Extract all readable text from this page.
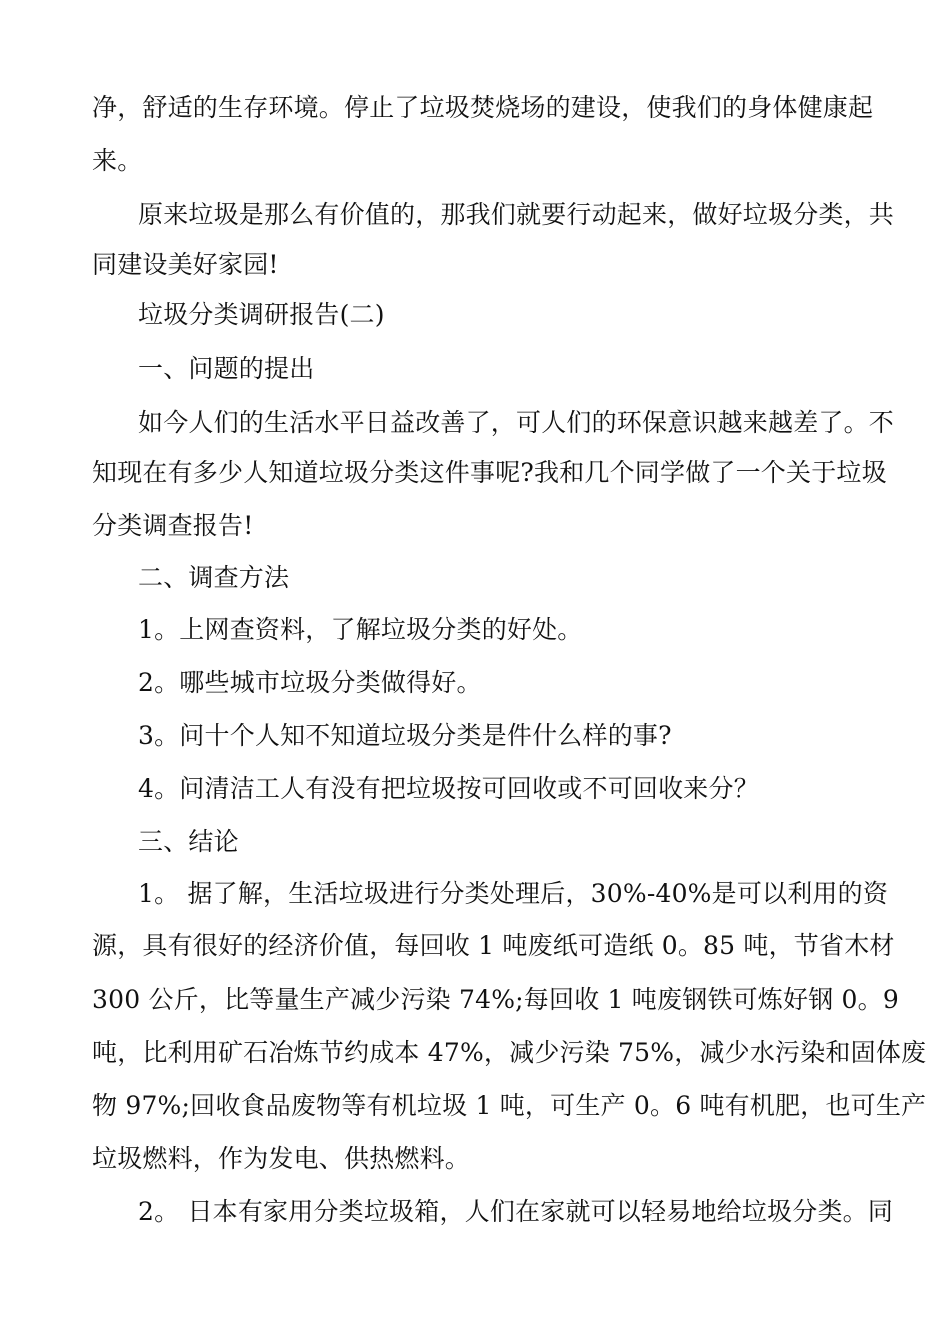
净，舒适的生存环境。停止了垃圾焚烧场的建设，使我们的身体健康起
来。
原来垃圾是那么有价值的，那我们就要行动起来，做好垃圾分类，共
同建设美好家园!
垃圾分类调研报告(二)
一、问题的提出
如今人们的生活水平日益改善了，可人们的环保意识越来越差了。不
知现在有多少人知道垃圾分类这件事呢?我和几个同学做了一个关于垃圾
分类调查报告!
二、调查方法
1。上网查资料，了解垃圾分类的好处。
2。哪些城市垃圾分类做得好。
3。问十个人知不知道垃圾分类是件什么样的事?
4。问清洁工人有没有把垃圾按可回收或不可回收来分？
三、结论
1。 据了解，生活垃圾进行分类处理后，30%-40%是可以利用的资
源，具有很好的经济价值，每回收 1 吨废纸可造纸 0。85 吨，节省木材
300 公斤，比等量生产减少污染 74%;每回收 1 吨废钢铁可炼好钢 0。9
吨，比利用矿石冶炼节约成本 47%，减少污染 75%，减少水污染和固体废
物 97%;回收食品废物等有机垃圾 1 吨，可生产 0。6 吨有机肥，也可生产
垃圾燃料，作为发电、供热燃料。
2。 日本有家用分类垃圾箱，人们在家就可以轻易地给垃圾分类。同
